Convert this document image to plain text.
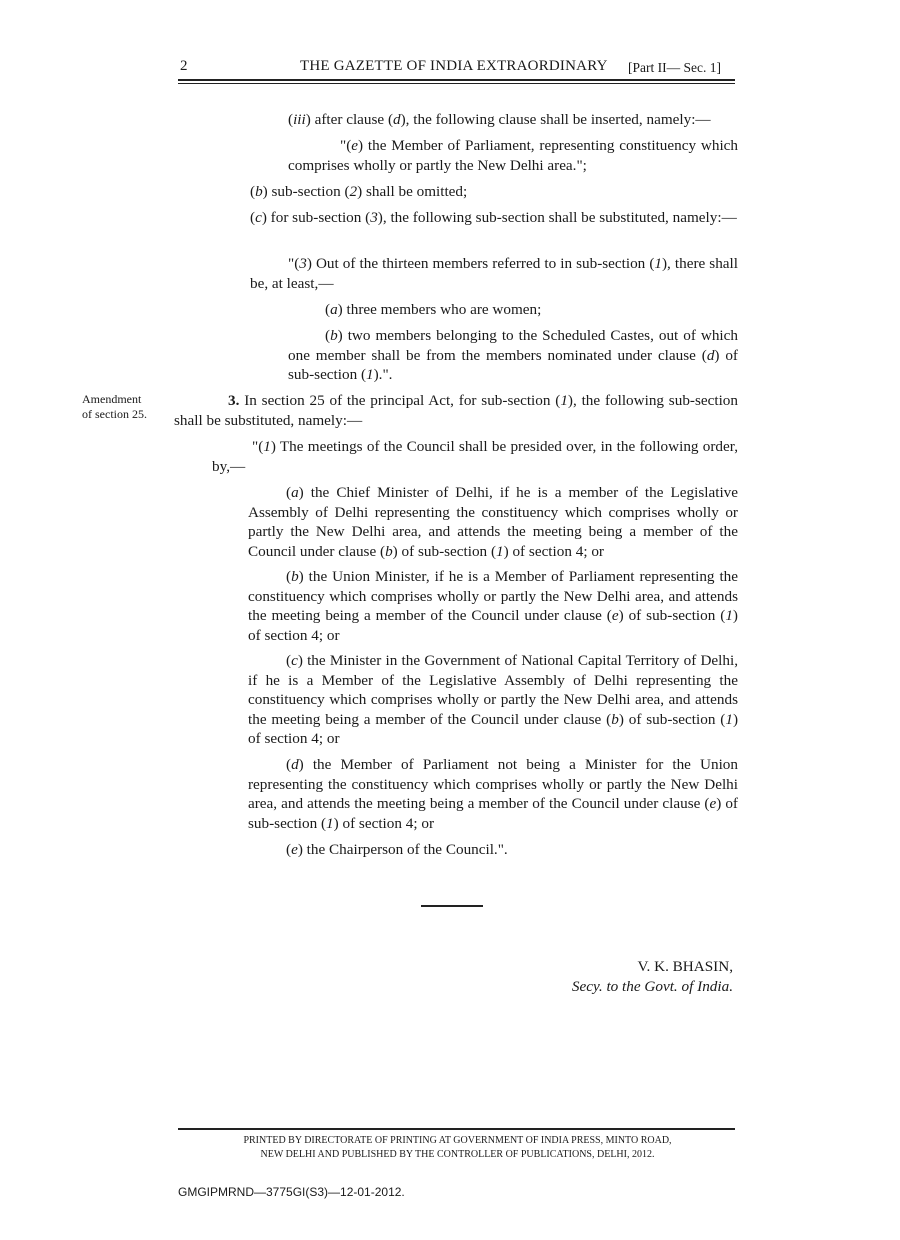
2	THE GAZETTE OF INDIA EXTRAORDINARY [Part II— Sec. 1]
(iii) after clause (d), the following clause shall be inserted, namely:—
"(e) the Member of Parliament, representing constituency which comprises wholly or partly the New Delhi area.";
(b) sub-section (2) shall be omitted;
(c) for sub-section (3), the following sub-section shall be substituted, namely:—
"(3) Out of the thirteen members referred to in sub-section (1), there shall be, at least,—
(a) three members who are women;
(b) two members belonging to the Scheduled Castes, out of which one member shall be from the members nominated under clause (d) of sub-section (1).".
Amendment
of section 25.
3. In section 25 of the principal Act, for sub-section (1), the following sub-section shall be substituted, namely:—
"(1) The meetings of the Council shall be presided over, in the following order, by,—
(a) the Chief Minister of Delhi, if he is a member of the Legislative Assembly of Delhi representing the constituency which comprises wholly or partly the New Delhi area, and attends the meeting being a member of the Council under clause (b) of sub-section (1) of section 4; or
(b) the Union Minister, if he is a Member of Parliament representing the constituency which comprises wholly or partly the New Delhi area, and attends the meeting being a member of the Council under clause (e) of sub-section (1) of section 4; or
(c) the Minister in the Government of National Capital Territory of Delhi, if he is a Member of the Legislative Assembly of Delhi representing the constituency which comprises wholly or partly the New Delhi area, and attends the meeting being a member of the Council under clause (b) of sub-section (1) of section 4; or
(d) the Member of Parliament not being a Minister for the Union representing the constituency which comprises wholly or partly the New Delhi area, and attends the meeting being a member of the Council under clause (e) of sub-section (1) of section 4; or
(e) the Chairperson of the Council.".
V. K. BHASIN,
Secy. to the Govt. of India.
PRINTED BY DIRECTORATE OF PRINTING AT GOVERNMENT OF INDIA PRESS, MINTO ROAD,
NEW DELHI AND PUBLISHED BY THE CONTROLLER OF PUBLICATIONS, DELHI, 2012.
GMGIPMRND—3775GI(S3)—12-01-2012.
